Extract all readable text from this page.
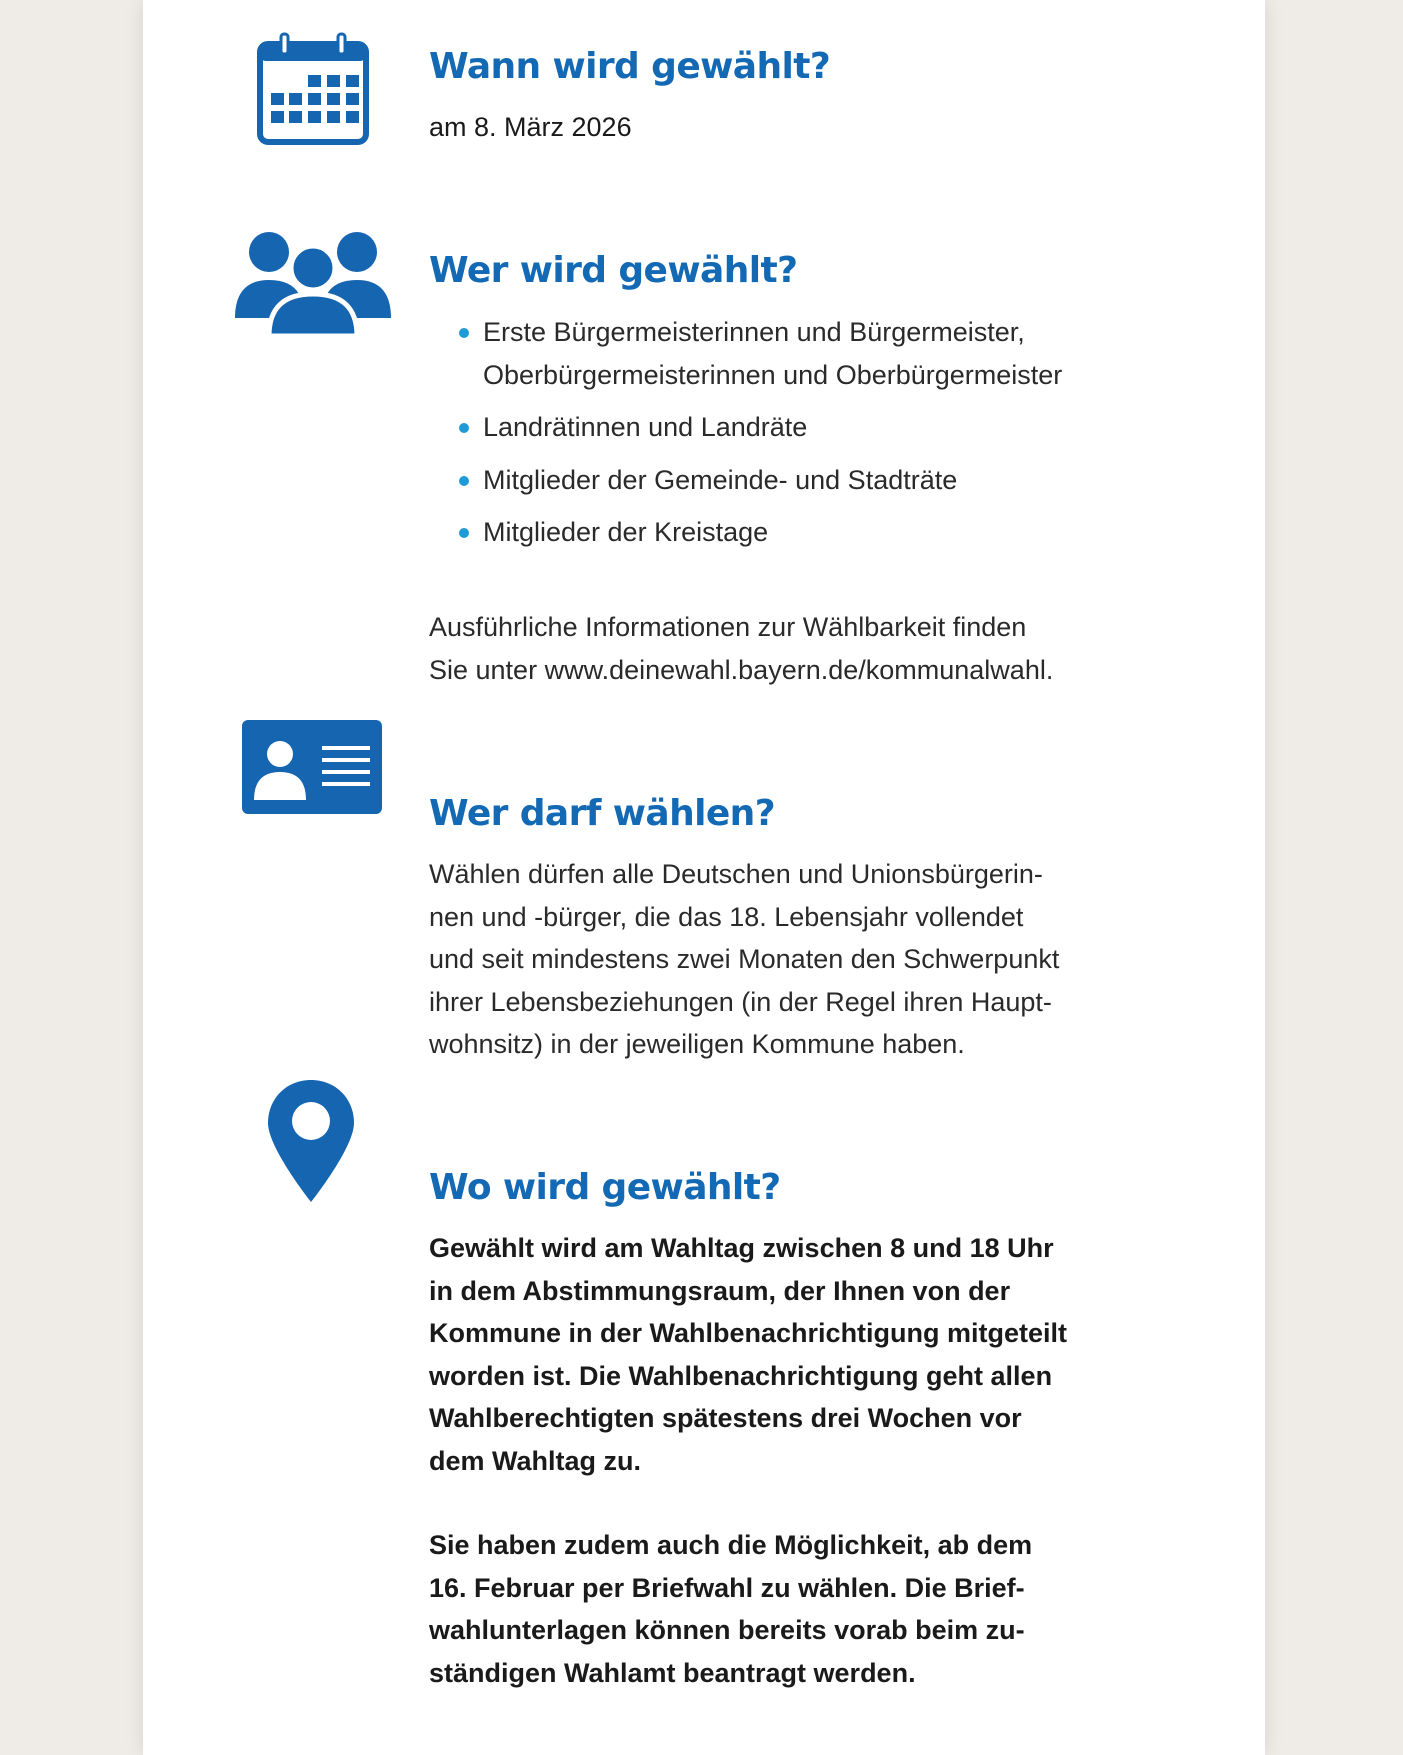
Wann wird gewählt?

am 8. März 2026

Wer wird gewählt?
Erste Bürgermeisterinnen und Bürgermeister,
Oberbürgermeisterinnen und Oberbürgermeister
Landrätinnen und Landräte
Mitglieder der Gemeinde- und Stadträte
Mitglieder der Kreistage

Ausführliche Informationen zur Wählbarkeit finden
Sie unter www.deinewahl.bayern.de/kommunalwahl.

Wer darf wählen?

Wählen dürfen alle Deutschen und Unionsbürgerin-
nen und -bürger, die das 18. Lebensjahr vollendet
und seit mindestens zwei Monaten den Schwerpunkt
ihrer Lebensbeziehungen (in der Regel ihren Haupt-
wohnsitz) in der jeweiligen Kommune haben.

Wo wird gewählt?

Gewählt wird am Wahltag zwischen 8 und 18 Uhr
in dem Abstimmungsraum, der Ihnen von der
Kommune in der Wahlbenachrichtigung mitgeteilt
worden ist. Die Wahlbenachrichtigung geht allen
Wahlberechtigten spätestens drei Wochen vor
dem Wahltag zu.

Sie haben zudem auch die Möglichkeit, ab dem
16. Februar per Briefwahl zu wählen. Die Brief-
wahlunterlagen können bereits vorab beim zu-
ständigen Wahlamt beantragt werden.
